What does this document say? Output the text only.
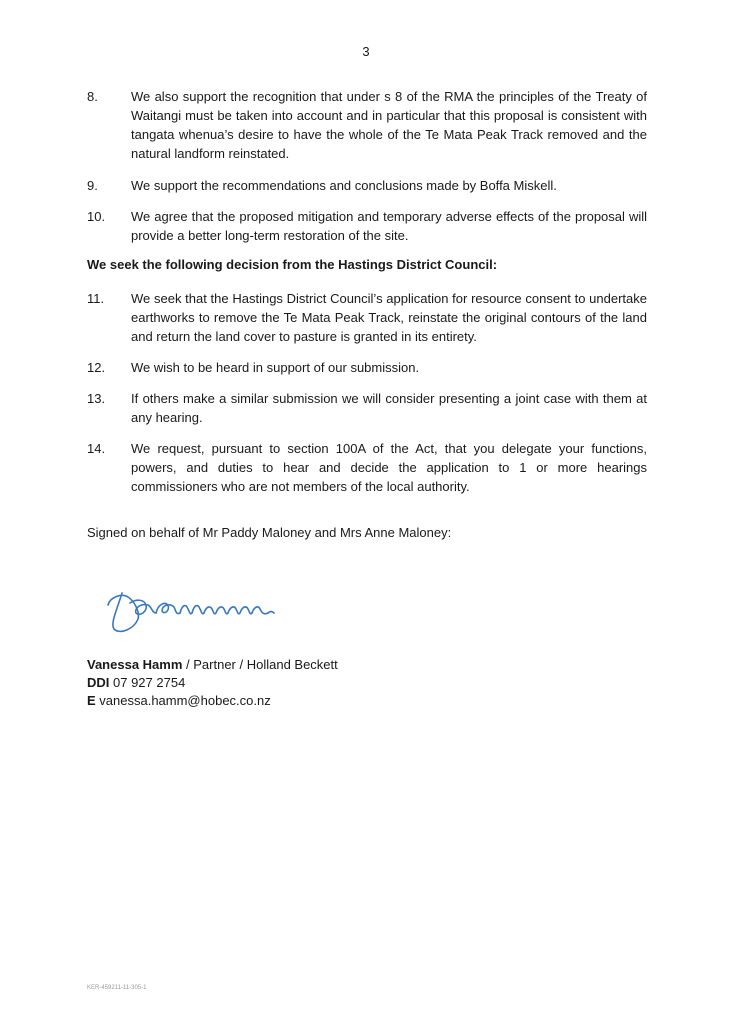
3
8.	We also support the recognition that under s 8 of the RMA the principles of the Treaty of Waitangi must be taken into account and in particular that this proposal is consistent with tangata whenua’s desire to have the whole of the Te Mata Peak Track removed and the natural landform reinstated.
9.	We support the recommendations and conclusions made by Boffa Miskell.
10. We agree that the proposed mitigation and temporary adverse effects of the proposal will provide a better long-term restoration of the site.
We seek the following decision from the Hastings District Council:
11. We seek that the Hastings District Council’s application for resource consent to undertake earthworks to remove the Te Mata Peak Track, reinstate the original contours of the land and return the land cover to pasture is granted in its entirety.
12. We wish to be heard in support of our submission.
13. If others make a similar submission we will consider presenting a joint case with them at any hearing.
14. We request, pursuant to section 100A of the Act, that you delegate your functions, powers, and duties to hear and decide the application to 1 or more hearings commissioners who are not members of the local authority.
Signed on behalf of Mr Paddy Maloney and Mrs Anne Maloney:
Vanessa Hamm / Partner / Holland Beckett
DDI 07 927 2754
E vanessa.hamm@hobec.co.nz
KER-459211-11-305-1
